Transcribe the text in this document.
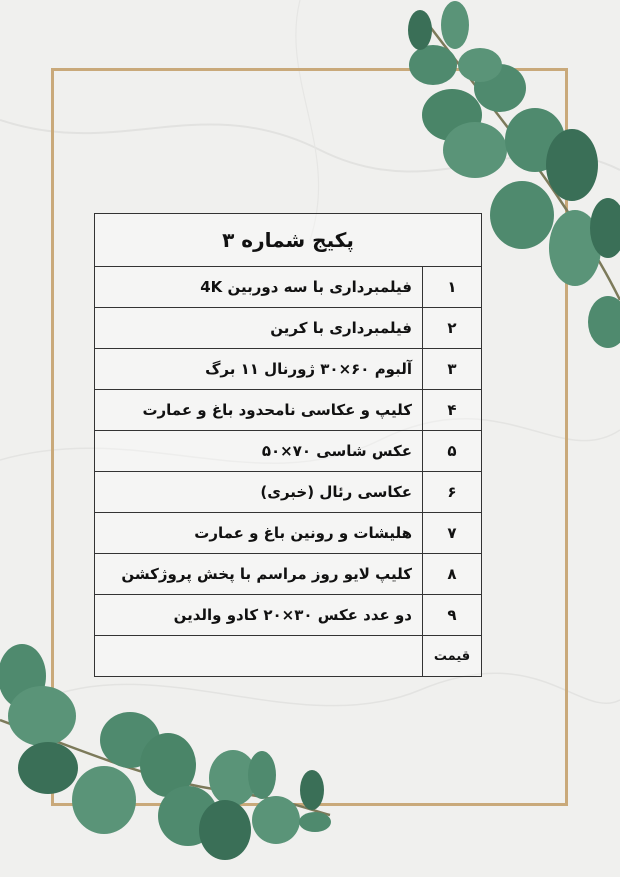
پکیج شماره ۳	
۱	فیلمبرداری با سه دوربین 4K
۲	فیلمبرداری با کرین
۳	آلبوم ۶۰×۳۰ ژورنال ۱۱ برگ
۴	کلیپ و عکاسی نامحدود باغ و عمارت
۵	عکس شاسی ۷۰×۵۰
۶	عکاسی رئال (خبری)
۷	هلیشات و رونین باغ و عمارت
۸	کلیپ لایو روز مراسم با پخش پروژکشن
۹	دو عدد عکس ۳۰×۲۰ کادو والدین
قیمت	
